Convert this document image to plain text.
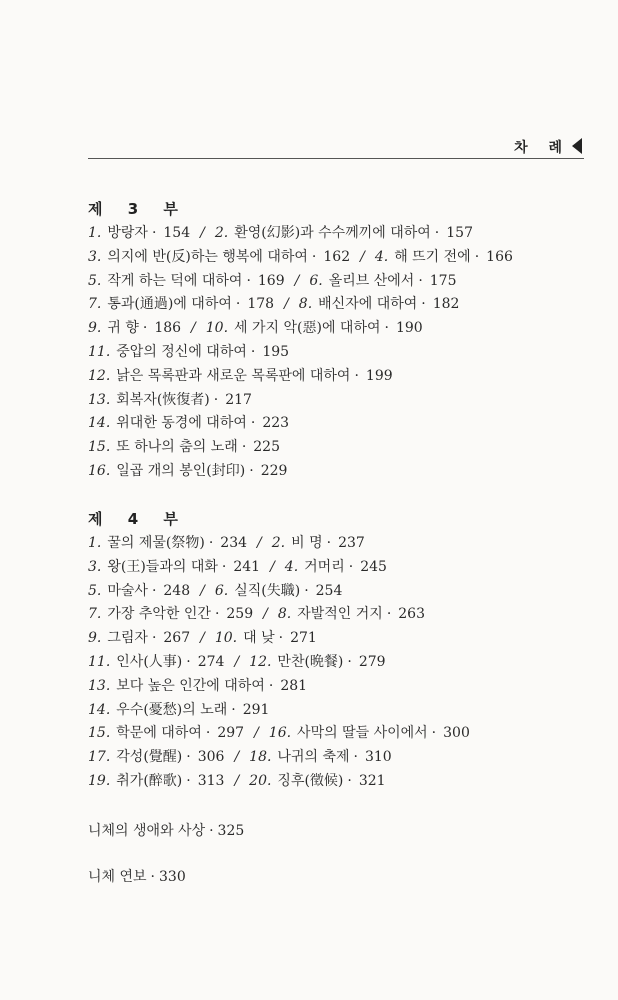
차 례
제 3 부
1. 방랑자 · 154 / 2. 환영(幻影)과 수수께끼에 대하여 · 157
3. 의지에 반(反)하는 행복에 대하여 · 162 / 4. 해 뜨기 전에 · 166
5. 작게 하는 덕에 대하여 · 169 / 6. 올리브 산에서 · 175
7. 통과(通過)에 대하여 · 178 / 8. 배신자에 대하여 · 182
9. 귀 향 · 186 / 10. 세 가지 악(惡)에 대하여 · 190
11. 중압의 정신에 대하여 · 195
12. 낡은 목록판과 새로운 목록판에 대하여 · 199
13. 회복자(恢復者) · 217
14. 위대한 동경에 대하여 · 223
15. 또 하나의 춤의 노래 · 225
16. 일곱 개의 봉인(封印) · 229
제 4 부
1. 꿀의 제물(祭物) · 234 / 2. 비 명 · 237
3. 왕(王)들과의 대화 · 241 / 4. 거머리 · 245
5. 마술사 · 248 / 6. 실직(失職) · 254
7. 가장 추악한 인간 · 259 / 8. 자발적인 거지 · 263
9. 그림자 · 267 / 10. 대 낮 · 271
11. 인사(人事) · 274 / 12. 만찬(晩餐) · 279
13. 보다 높은 인간에 대하여 · 281
14. 우수(憂愁)의 노래 · 291
15. 학문에 대하여 · 297 / 16. 사막의 딸들 사이에서 · 300
17. 각성(覺醒) · 306 / 18. 나귀의 축제 · 310
19. 취가(醉歌) · 313 / 20. 징후(徵候) · 321
니체의 생애와 사상 · 325
니체 연보 · 330
